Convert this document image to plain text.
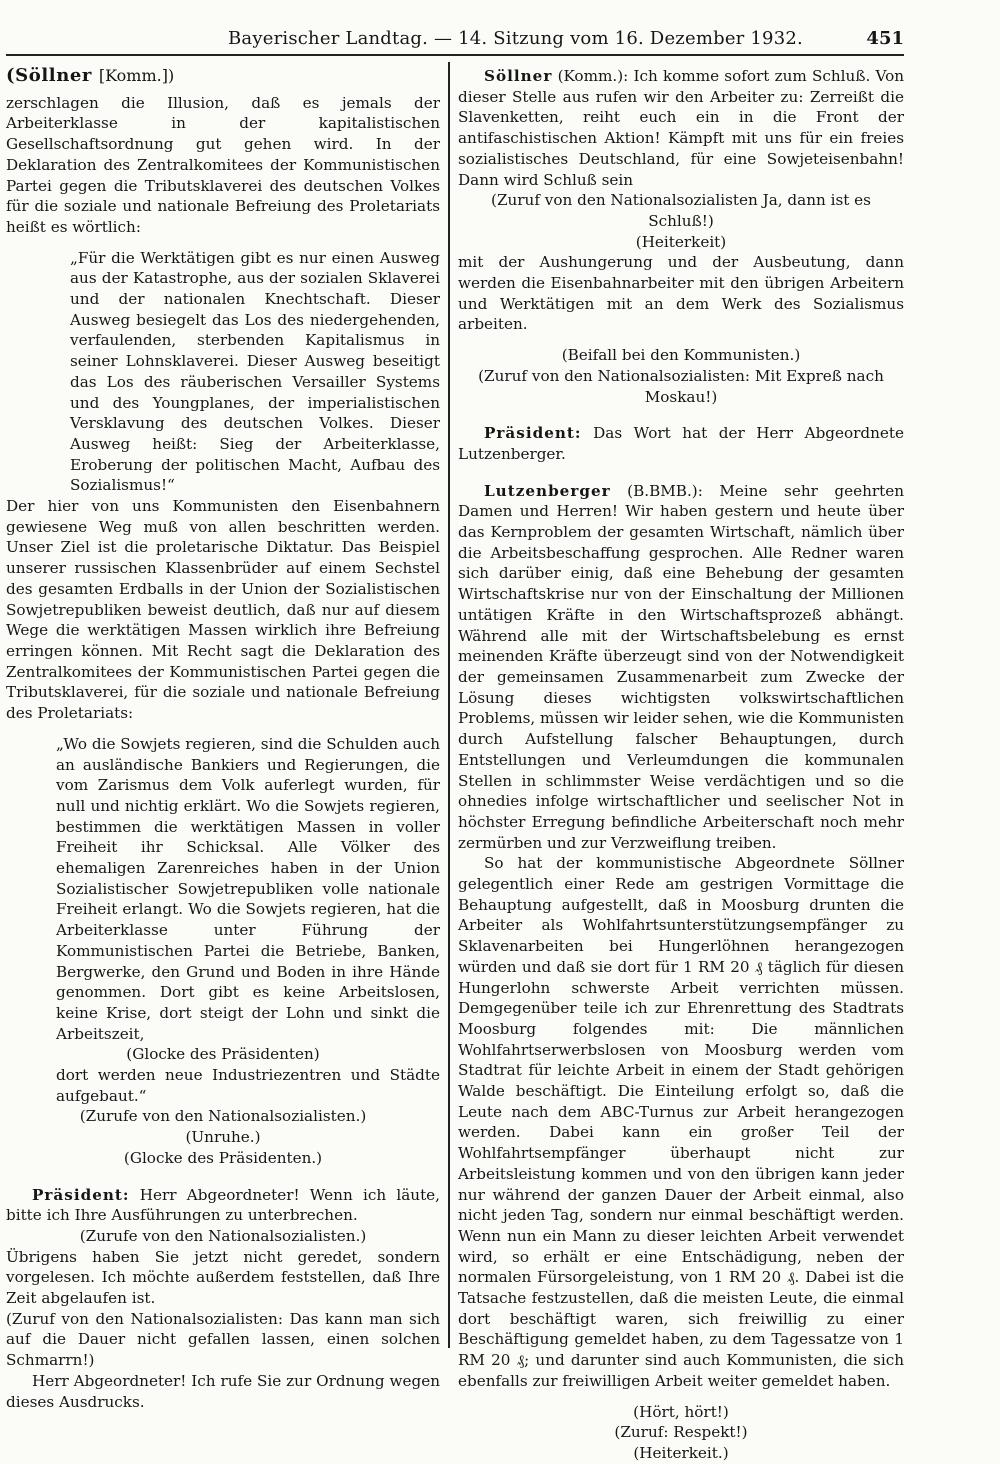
Bayerischer Landtag. — 14. Sitzung vom 16. Dezember 1932.	451
(Söllner [Komm.])

zerschlagen die Illusion, daß es jemals der Arbeiterklasse in der kapitalistischen Gesellschaftsordnung gut gehen wird. In der Deklaration des Zentralkomitees der Kommunistischen Partei gegen die Tributsklaverei des deutschen Volkes für die soziale und nationale Befreiung des Proletariats heißt es wörtlich:

„Für die Werktätigen gibt es nur einen Ausweg aus der Katastrophe, aus der sozialen Sklaverei und der nationalen Knechtschaft. Dieser Ausweg besiegelt das Los des niedergehenden, verfaulenden, sterbenden Kapitalismus in seiner Lohnsklaverei. Dieser Ausweg beseitigt das Los des räuberischen Versailler Systems und des Youngplanes, der imperialistischen Versklavung des deutschen Volkes. Dieser Ausweg heißt: Sieg der Arbeiterklasse, Eroberung der politischen Macht, Aufbau des Sozialismus!“

Der hier von uns Kommunisten den Eisenbahnern gewiesene Weg muß von allen beschritten werden. Unser Ziel ist die proletarische Diktatur. Das Beispiel unserer russischen Klassenbrüder auf einem Sechstel des gesamten Erdballs in der Union der Sozialistischen Sowjetrepubliken beweist deutlich, daß nur auf diesem Wege die werktätigen Massen wirklich ihre Befreiung erringen können. Mit Recht sagt die Deklaration des Zentralkomitees der Kommunistischen Partei gegen die Tributsklaverei, für die soziale und nationale Befreiung des Proletariats:

„Wo die Sowjets regieren, sind die Schulden auch an ausländische Bankiers und Regierungen, die vom Zarismus dem Volk auferlegt wurden, für null und nichtig erklärt. Wo die Sowjets regieren, bestimmen die werktätigen Massen in voller Freiheit ihr Schicksal. Alle Völker des ehemaligen Zarenreiches haben in der Union Sozialistischer Sowjetrepubliken volle nationale Freiheit erlangt. Wo die Sowjets regieren, hat die Arbeiterklasse unter Führung der Kommunistischen Partei die Betriebe, Banken, Bergwerke, den Grund und Boden in ihre Hände genommen. Dort gibt es keine Arbeitslosen, keine Krise, dort steigt der Lohn und sinkt die Arbeitszeit,

(Glocke des Präsidenten)

dort werden neue Industriezentren und Städte aufgebaut.“

(Zurufe von den Nationalsozialisten.)

(Unruhe.)

(Glocke des Präsidenten.)

Präsident: Herr Abgeordneter! Wenn ich läute, bitte ich Ihre Ausführungen zu unterbrechen.

(Zurufe von den Nationalsozialisten.)

Übrigens haben Sie jetzt nicht geredet, sondern vorgelesen. Ich möchte außerdem feststellen, daß Ihre Zeit abgelaufen ist.

(Zuruf von den Nationalsozialisten: Das kann man sich auf die Dauer nicht gefallen lassen, einen solchen Schmarrn!)

Herr Abgeordneter! Ich rufe Sie zur Ordnung wegen dieses Ausdrucks.

Söllner (Komm.): Ich komme sofort zum Schluß. Von dieser Stelle aus rufen wir den Arbeiter zu: Zerreißt die Slavenketten, reiht euch ein in die Front der antifaschistischen Aktion! Kämpft mit uns für ein freies sozialistisches Deutschland, für eine Sowjeteisenbahn! Dann wird Schluß sein

(Zuruf von den Nationalsozialisten Ja, dann ist es Schluß!)

(Heiterkeit)

mit der Aushungerung und der Ausbeutung, dann werden die Eisenbahnarbeiter mit den übrigen Arbeitern und Werktätigen mit an dem Werk des Sozialismus arbeiten.

(Beifall bei den Kommunisten.)

(Zuruf von den Nationalsozialisten: Mit Expreß nach Moskau!)

Präsident: Das Wort hat der Herr Abgeordnete Lutzenberger.

Lutzenberger (B.BMB.): Meine sehr geehrten Damen und Herren! Wir haben gestern und heute über das Kernproblem der gesamten Wirtschaft, nämlich über die Arbeitsbeschaffung gesprochen. Alle Redner waren sich darüber einig, daß eine Behebung der gesamten Wirtschaftskrise nur von der Einschaltung der Millionen untätigen Kräfte in den Wirtschaftsprozeß abhängt. Während alle mit der Wirtschaftsbelebung es ernst meinenden Kräfte überzeugt sind von der Notwendigkeit der gemeinsamen Zusammenarbeit zum Zwecke der Lösung dieses wichtigsten volkswirtschaftlichen Problems, müssen wir leider sehen, wie die Kommunisten durch Aufstellung falscher Behauptungen, durch Entstellungen und Verleumdungen die kommunalen Stellen in schlimmster Weise verdächtigen und so die ohnedies infolge wirtschaftlicher und seelischer Not in höchster Erregung befindliche Arbeiterschaft noch mehr zermürben und zur Verzweiflung treiben.

So hat der kommunistische Abgeordnete Söllner gelegentlich einer Rede am gestrigen Vormittage die Behauptung aufgestellt, daß in Moosburg drunten die Arbeiter als Wohlfahrtsunterstützungsempfänger zu Sklavenarbeiten bei Hungerlöhnen herangezogen würden und daß sie dort für 1 RM 20 ₰ täglich für diesen Hungerlohn schwerste Arbeit verrichten müssen. Demgegenüber teile ich zur Ehrenrettung des Stadtrats Moosburg folgendes mit: Die männlichen Wohlfahrtserwerbslosen von Moosburg werden vom Stadtrat für leichte Arbeit in einem der Stadt gehörigen Walde beschäftigt. Die Einteilung erfolgt so, daß die Leute nach dem ABC-Turnus zur Arbeit herangezogen werden. Dabei kann ein großer Teil der Wohlfahrtsempfänger überhaupt nicht zur Arbeitsleistung kommen und von den übrigen kann jeder nur während der ganzen Dauer der Arbeit einmal, also nicht jeden Tag, sondern nur einmal beschäftigt werden. Wenn nun ein Mann zu dieser leichten Arbeit verwendet wird, so erhält er eine Entschädigung, neben der normalen Fürsorgeleistung, von 1 RM 20 ₰. Dabei ist die Tatsache festzustellen, daß die meisten Leute, die einmal dort beschäftigt waren, sich freiwillig zu einer Beschäftigung gemeldet haben, zu dem Tagessatze von 1 RM 20 ₰; und darunter sind auch Kommunisten, die sich ebenfalls zur freiwilligen Arbeit weiter gemeldet haben.

(Hört, hört!)

(Zuruf: Respekt!)

(Heiterkeit.)
